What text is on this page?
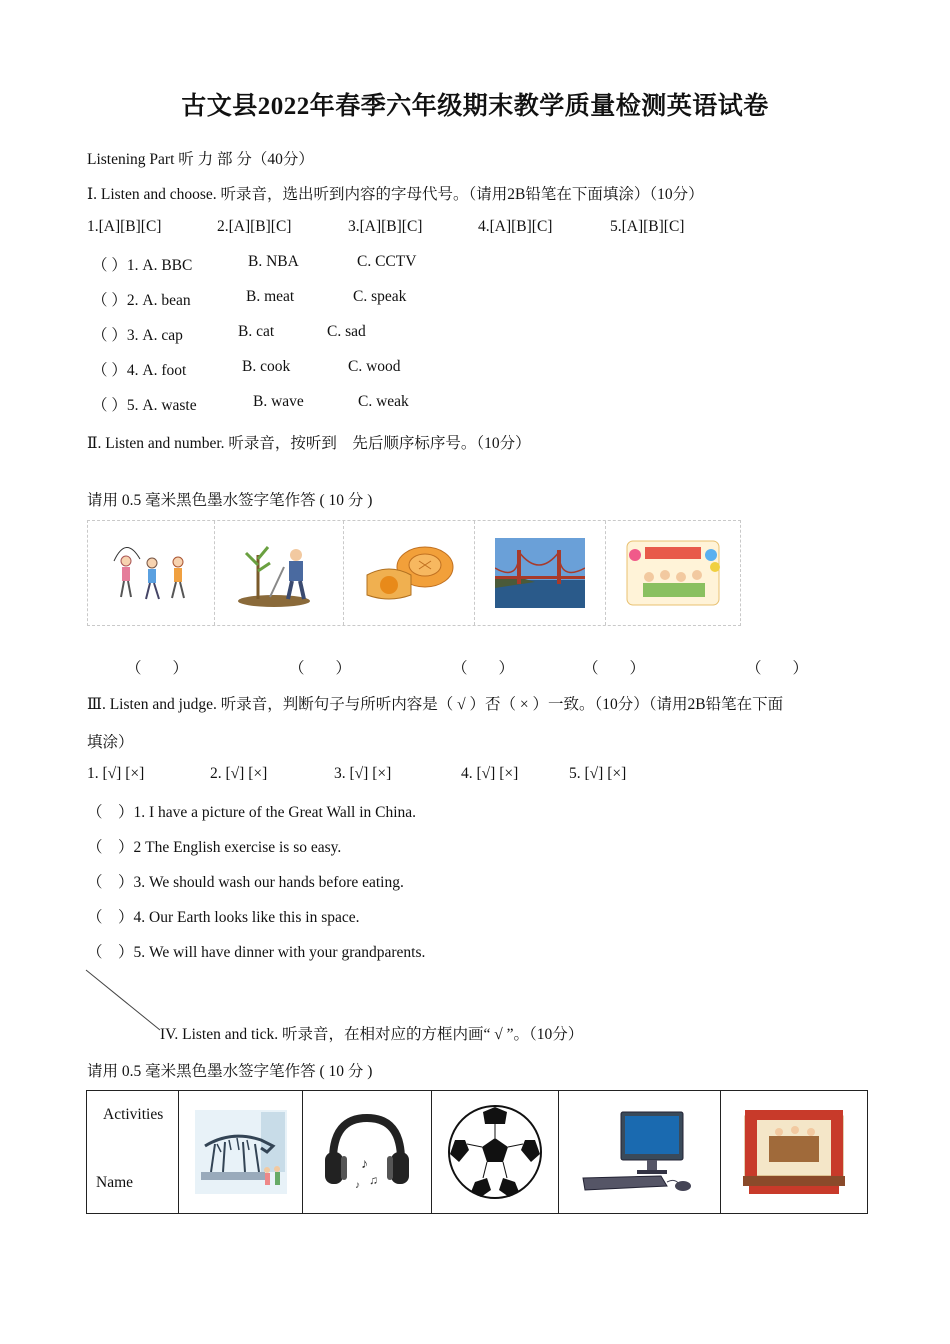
古文县2022年春季六年级期末教学质量检测英语试卷
Listening Part 听 力 部 分（40分）
Ⅰ. Listen and choose. 听录音，选出听到内容的字母代号。（请用2B铅笔在下面填涂）（10分）
1.[A][B][C]	2.[A][B][C]	3.[A][B][C]	4.[A][B][C]	5.[A][B][C]
（ ）1. A. BBC	B. NBA	C. CCTV
（ ）2. A. bean	B. meat	C. speak
（ ）3. A. cap	B. cat	C. sad
（ ）4. A. foot	B. cook	C. wood
（ ）5. A. waste	B. wave	C. weak
Ⅱ. Listen and number. 听录音，按听到　先后顺序标序号。（10分）
请用 0.5 毫米黑色墨水签字笔作答 ( 10 分 )
（　　）	（　　）	（　　）	（　　）	（　　）
Ⅲ. Listen and judge. 听录音，判断句子与所听内容是（ √ ）否（ × ）一致。（10分）（请用2B铅笔在下面
填涂）
1. [√] [×]	2. [√] [×]	3. [√] [×]	4. [√] [×]	5. [√] [×]
（　）1. I have a picture of the Great Wall in China.
（　）2 The English exercise is so easy.
（　）3. We should wash our hands before eating.
（　）4. Our Earth looks like this in space.
（　）5. We will have dinner with your grandparents.
IV. Listen and tick. 听录音，在相对应的方框内画“ √ ”。（10分）
请用 0.5 毫米黑色墨水签字笔作答 ( 10 分 )
Activities
Name

♪
♫
♪
